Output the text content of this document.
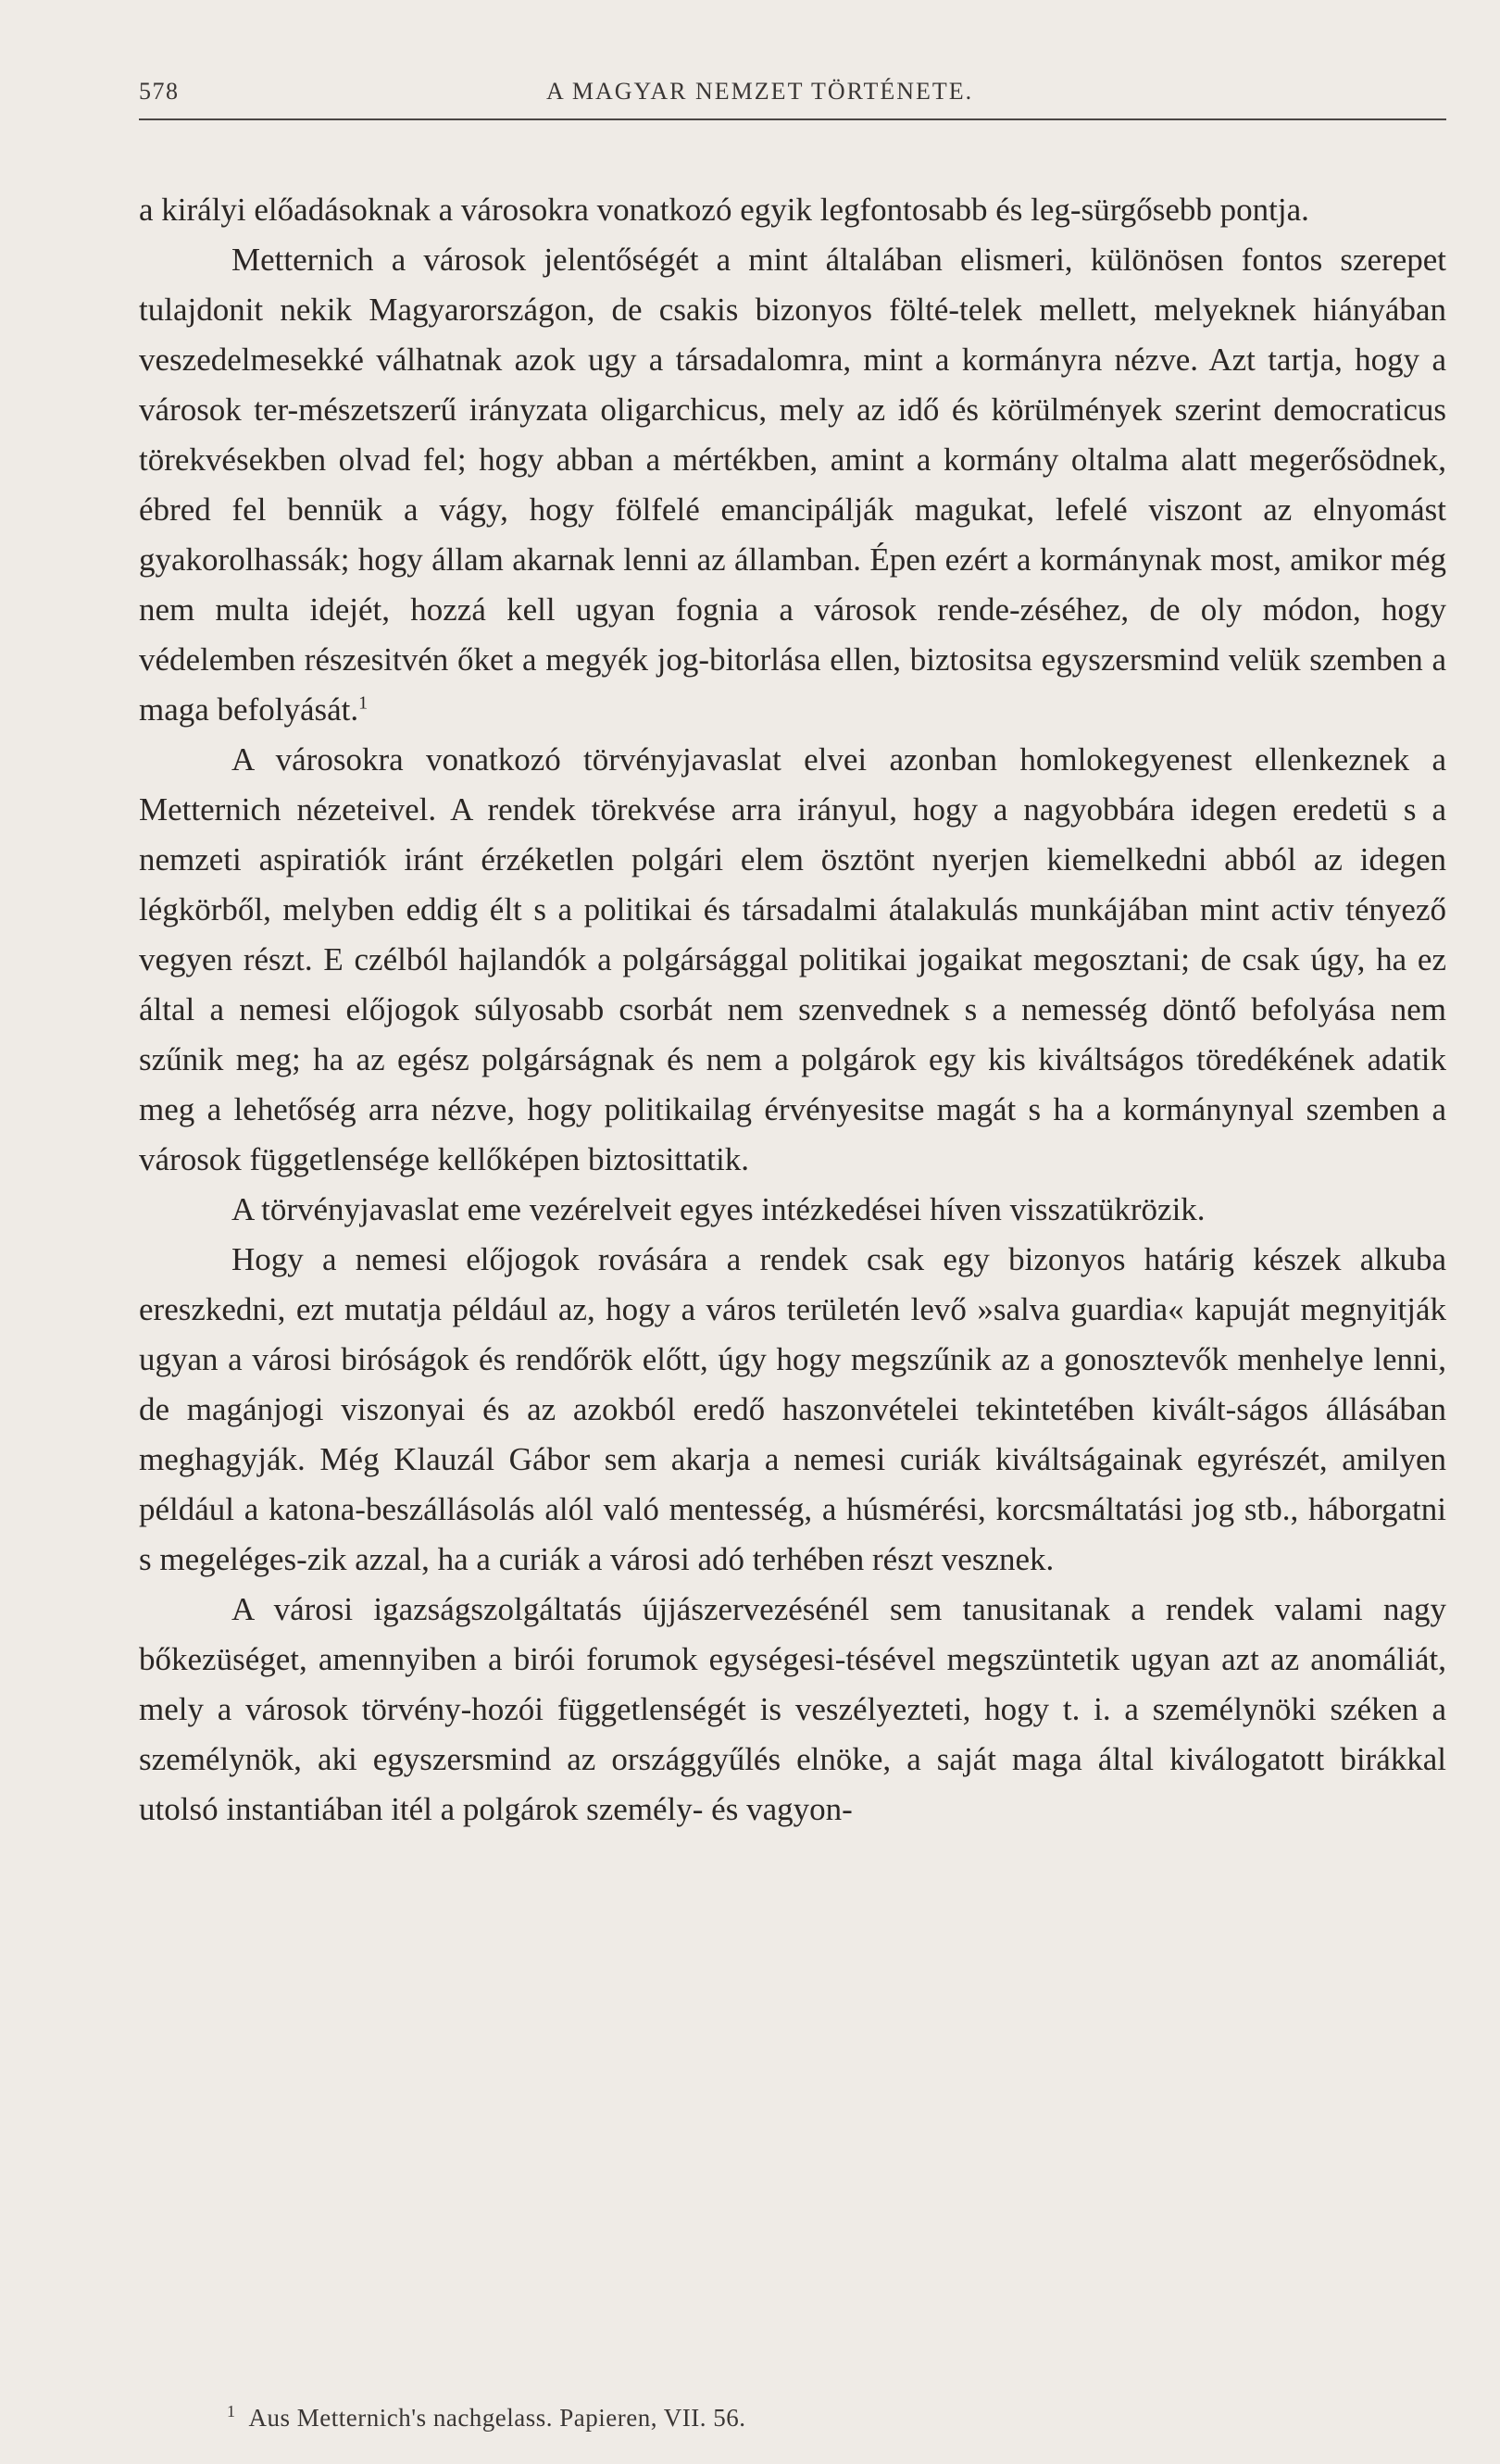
578	A MAGYAR NEMZET TÖRTÉNETE.

a királyi előadásoknak a városokra vonatkozó egyik legfontosabb és leg-sürgősebb pontja.

Metternich a városok jelentőségét a mint általában elismeri, különösen fontos szerepet tulajdonit nekik Magyarországon, de csakis bizonyos fölté-telek mellett, melyeknek hiányában veszedelmesekké válhatnak azok ugy a társadalomra, mint a kormányra nézve. Azt tartja, hogy a városok ter-mészetszerű irányzata oligarchicus, mely az idő és körülmények szerint democraticus törekvésekben olvad fel; hogy abban a mértékben, amint a kormány oltalma alatt megerősödnek, ébred fel bennük a vágy, hogy fölfelé emancipálják magukat, lefelé viszont az elnyomást gyakorolhassák; hogy állam akarnak lenni az államban. Épen ezért a kormánynak most, amikor még nem multa idejét, hozzá kell ugyan fognia a városok rende-zéséhez, de oly módon, hogy védelemben részesitvén őket a megyék jog-bitorlása ellen, biztositsa egyszersmind velük szemben a maga befolyását.$^1$

A városokra vonatkozó törvényjavaslat elvei azonban homlokegyenest ellenkeznek a Metternich nézeteivel. A rendek törekvése arra irányul, hogy a nagyobbára idegen eredetü s a nemzeti aspiratiók iránt érzéketlen polgári elem ösztönt nyerjen kiemelkedni abból az idegen légkörből, melyben eddig élt s a politikai és társadalmi átalakulás munkájában mint activ tényező vegyen részt. E czélból hajlandók a polgársággal politikai jogaikat megosztani; de csak úgy, ha ez által a nemesi előjogok súlyosabb csorbát nem szenvednek s a nemesség döntő befolyása nem szűnik meg; ha az egész polgárságnak és nem a polgárok egy kis kiváltságos töredékének adatik meg a lehetőség arra nézve, hogy politikailag érvényesitse magát s ha a kormánynyal szemben a városok függetlensége kellőképen biztosittatik.

A törvényjavaslat eme vezérelveit egyes intézkedései híven visszatükrözik.

Hogy a nemesi előjogok rovására a rendek csak egy bizonyos határig készek alkuba ereszkedni, ezt mutatja például az, hogy a város területén levő »salva guardia« kapuját megnyitják ugyan a városi biróságok és rendőrök előtt, úgy hogy megszűnik az a gonosztevők menhelye lenni, de magánjogi viszonyai és az azokból eredő haszonvételei tekintetében kivált-ságos állásában meghagyják. Még Klauzál Gábor sem akarja a nemesi curiák kiváltságainak egyrészét, amilyen például a katona-beszállásolás alól való mentesség, a húsmérési, korcsmáltatási jog stb., háborgatni s megeléges-zik azzal, ha a curiák a városi adó terhében részt vesznek.

A városi igazságszolgáltatás újjászervezésénél sem tanusitanak a rendek valami nagy bőkezüséget, amennyiben a birói forumok egységesi-tésével megszüntetik ugyan azt az anomáliát, mely a városok törvény-hozói függetlenségét is veszélyezteti, hogy t. i. a személynöki széken a személynök, aki egyszersmind az országgyűlés elnöke, a saját maga által kiválogatott birákkal utolsó instantiában itél a polgárok személy- és vagyon-

$^1$ Aus Metternich's nachgelass. Papieren, VII. 56.
